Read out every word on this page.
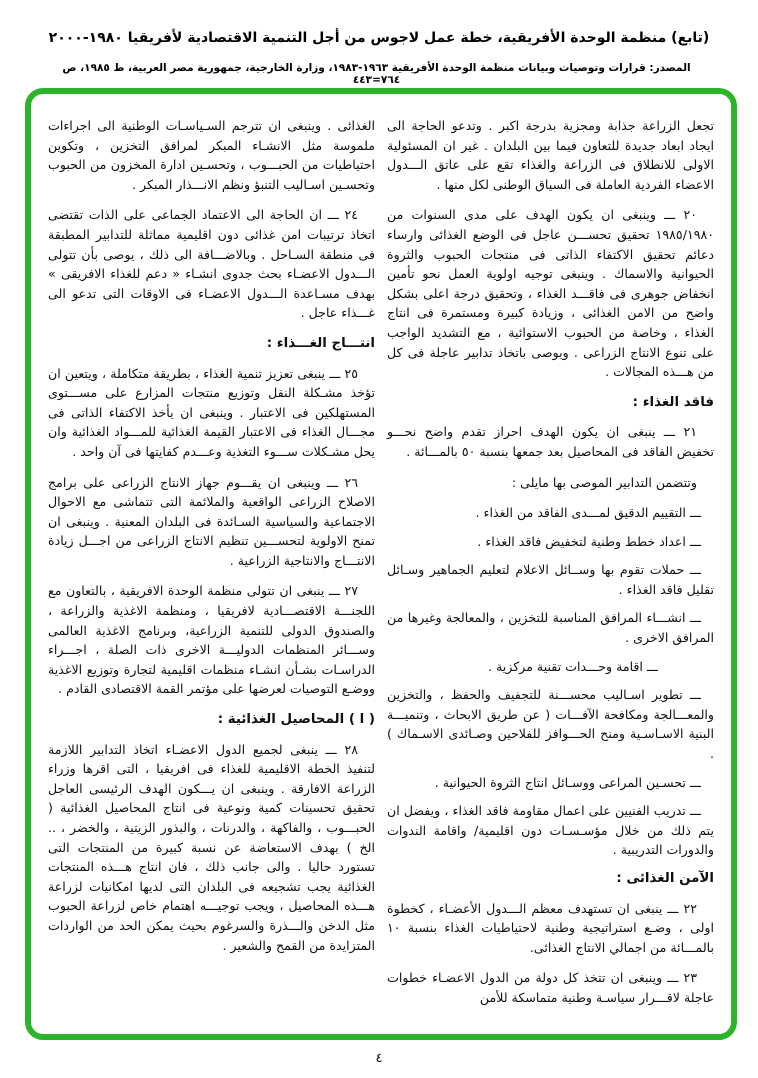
(تابع) منظمة الوحدة الأفريقية، خطة عمل لاجوس من أجل التنمية الاقتصادية لأفريقيا ١٩٨٠-٢٠٠٠
المصدر: قرارات وتوصيات وبيانات منظمة الوحدة الأفريقية ١٩٦٣-١٩٨٣، وزارة الخارجية، جمهورية مصر العربية، ط ١٩٨٥، ص ٧٦٤=٤٤٣

تجعل الزراعة جذابة ومجزية بدرجة اكبر . وتدعو الحاجة الى ايجاد ابعاد جديدة للتعاون فيما بين البلدان . غير ان المسئولية الاولى للانطلاق فى الزراعة والغذاء تقع على عاتق الـــدول الاعضاء الفردية العاملة فى السياق الوطنى لكل منها .

٢٠ ـــ وينبغى ان يكون الهدف على مدى السنوات من ١٩٨٥/١٩٨٠ تحقيق تحســـن عاجل فى الوضع الغذائى وارساء دعائم تحقيق الاكتفاء الذاتى فى منتجات الحبوب والثروة الحيوانية والاسماك . وينبغى توجيه اولوية العمل نحو تأمين انخفاض جوهرى فى فاقـــد الغذاء ، وتحقيق درجة اعلى بشكل واضح من الامن الغذائى ، وزيادة كبيرة ومستمرة فى انتاج الغذاء ، وخاصة من الحبوب الاستوائية ، مع التشديد الواجب على تنوع الانتاج الزراعى . ويوصى باتخاذ تدابير عاجلة فى كل من هـــذه المجالات .

فاقد الغذاء :

٢١ ـــ ينبغى ان يكون الهدف احراز تقدم واضح نحـــو تخفيض الفاقد فى المحاصيل بعد جمعها بنسبة ٥٠ بالمـــائة .

وتتضمن التدابير الموصى بها مايلى :

ـــ التقييم الدقيق لمـــدى الفاقد من الغذاء .

ـــ اعداد خطط وطنية لتخفيض فاقد الغذاء .

ـــ حملات تقوم بها وســائل الاعلام لتعليم الجماهير وسـائل تقليل فاقد الغذاء .

ـــ انشـــاء المرافق المناسبة للتخزين ، والمعالجة وغيرها من المرافق الاخرى .

ـــ اقامة وحـــدات تقنية مركزية .

ـــ تطوير اسـاليب محســـنة للتجفيف والحفظ ، والتخزين والمعـــالجة ومكافحة الآفـــات ( عن طريق الابحاث ، وتنميـــة البنية الاسـاسـية ومنح الحـــوافز للفلاحين وصـائدى الاسـماك ) .

ـــ تحسـين المراعى ووسـائل انتاج الثروة الحيوانية .

ـــ تدريب الفنيين على اعمال مقاومة فاقد الغذاء ، ويفضل ان يتم ذلك من خلال مؤسـسـات دون اقليمية/ واقامة الندوات والدورات التدريبية .

الآمن الغذائى :

٢٢ ـــ ينبغى ان تستهدف معظم الـــدول الأعضـاء ، كخطوة اولى ، وضـع استراتيجية وطنية لاحتياطيات الغذاء بنسبة ١٠ بالمـــائة من اجمالي الانتاج الغذائى.

٢٣ ـــ وينبغى ان تتخذ كل دولة من الدول الاعضـاء خطوات عاجلة لاقـــرار سياسـة وطنية متماسكة للأمن

الغذائى . وينبغى ان تترجم السـياسـات الوطنية الى اجراءات ملموسة مثل الانشـاء المبكر لمرافق التخزين ، وتكوين احتياطيات من الحبـــوب ، وتحسـين ادارة المخزون من الحبوب وتحسـين اسـاليب التنبؤ ونظم الانـــذار المبكر .

٢٤ ـــ ان الحاجة الى الاعتماد الجماعى على الذات تقتضى اتخاذ ترتيبات امن غذائى دون اقليمية مماثلة للتدابير المطبقة فى منطقة السـاحل . وبالاضـــافة الى ذلك ، يوصى بأن تتولى الـــدول الاعضـاء بحث جدوى انشـاء « دعم للغذاء الافريقى » بهدف مسـاعدة الـــدول الاعضـاء فى الاوقات التى تدعو الى غـــذاء عاجل .

انتـــاج الغـــذاء :

٢٥ ـــ ينبغى تعزيز تنمية الغذاء ، بطريقة متكاملة ، ويتعين ان تؤخذ مشـكلة النقل وتوزيع منتجات المزارع على مســـتوى المستهلكين فى الاعتبار . وينبغى ان يأخذ الاكتفاء الذاتى فى مجـــال الغذاء فى الاعتبار القيمة الغذائية للمـــواد الغذائية وان يحل مشـكلات ســـوء التغذية وعـــدم كفايتها فى آن واحد .

٢٦ ـــ وينبغى ان يقـــوم جهاز الانتاج الزراعى على برامج الاصلاح الزراعى الواقعية والملائمة التى تتماشى مع الاحوال الاجتماعية والسياسية السـائدة فى البلدان المعنية . وينبغى ان تمنح الاولوية لتحســـين تنظيم الانتاج الزراعى من اجـــل زيادة الانتـــاج والانتاجية الزراعية .

٢٧ ـــ ينبغى ان تتولى منظمة الوحدة الافريقية ، بالتعاون مع اللجنـــة الاقتصـــادية لافريقيا ، ومنظمة الاغذية والزراعة ، والصندوق الدولى للتنمية الزراعية، وبرنامج الاغذية العالمى وســـائر المنظمات الدوليـــة الاخرى ذات الصلة ، اجـــراء الدراسـات بشـأن انشـاء منظمات اقليمية لتجارة وتوزيع الاغذية ووضـع التوصيات لعرضها على مؤتمر القمة الاقتصادى القادم .

( ا ) المحاصيل الغذائية :

٢٨ ـــ ينبغى لجميع الدول الاعضـاء اتخاذ التدابير اللازمة لتنفيذ الخطة الاقليمية للغذاء فى افريقيا ، التى اقرها وزراء الزراعة الافارقة . وينبغى ان يـــكون الهدف الرئيسى العاجل تحقيق تحسينات كمية ونوعية فى انتاج المحاصيل الغذائية ( الحبـــوب ، والفاكهة ، والدرنات ، والبذور الزيتية ، والخضر ، .. الخ ) بهدف الاستعاضة عن نسبة كبيرة من المنتجات التى تستورد حاليا . والى جانب ذلك ، فان انتاج هـــذه المنتجات الغذائية يجب تشجيعه فى البلدان التى لديها امكانيات لزراعة هـــذه المحاصيل ، ويجب توجيـــه اهتمام خاص لزراعة الحبوب مثل الدخن والـــذرة والسرغوم بحيث يمكن الحد من الواردات المتزايدة من القمح والشعير .

٤
